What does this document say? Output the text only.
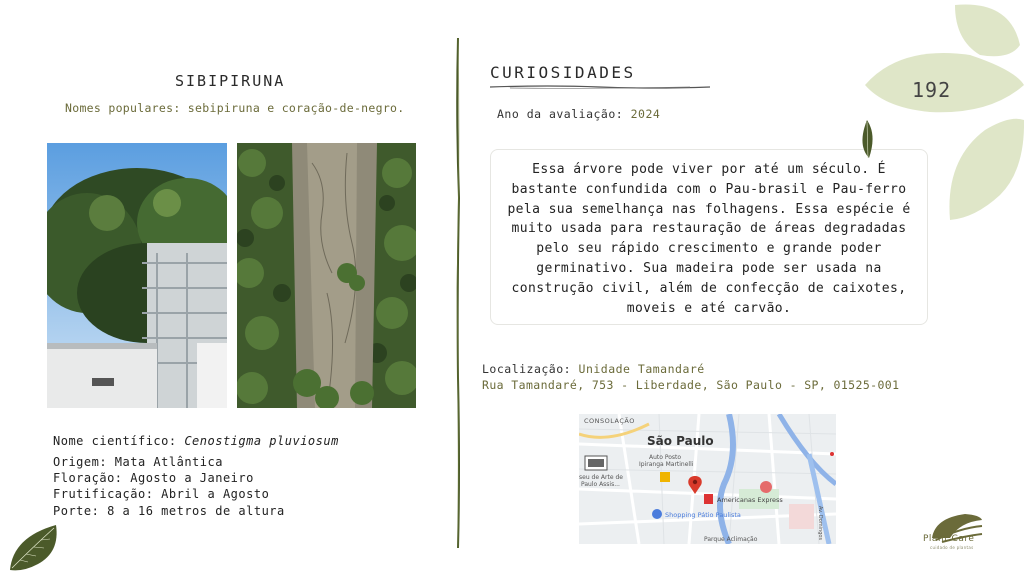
SIBIPIRUNA
Nomes populares: sebipiruna e coração-de-negro.
Nome científico: Cenostigma pluviosum
Origem: Mata Atlântica
Floração: Agosto a Janeiro
Frutificação: Abril a Agosto
Porte: 8 a 16 metros de altura
CURIOSIDADES
Ano da avaliação: 2024
Essa árvore pode viver por até um século. É bastante confundida com o Pau-brasil e Pau-ferro pela sua semelhança nas folhagens. Essa espécie é muito usada para restauração de áreas degradadas pelo seu rápido crescimento e grande poder germinativo. Sua madeira pode ser usada na construção civil, além de confecção de caixotes, moveis e até carvão.
Localização: Unidade Tamandaré
Rua Tamandaré, 753 - Liberdade, São Paulo - SP, 01525-001
CONSOLAÇÃO
São Paulo
Auto Posto
Ipiranga Martinelli
seu de Arte de
Paulo Assis...
Americanas Express
Shopping Pátio Paulista	Av. Domingos
Parque Aclimação
192
Plant Care
cuidado de plantas
